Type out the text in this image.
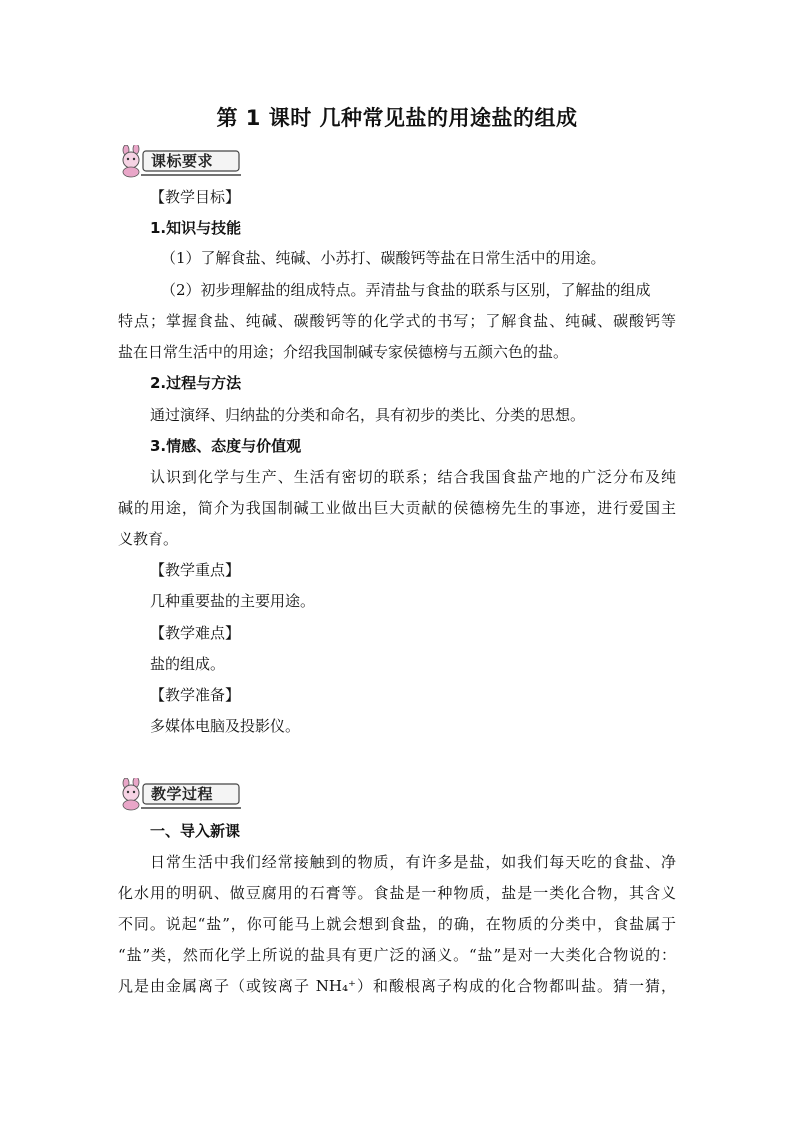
第 1 课时 几种常见盐的用途盐的组成
课标要求
【教学目标】
1.知识与技能
（1）了解食盐、纯碱、小苏打、碳酸钙等盐在日常生活中的用途。
（2）初步理解盐的组成特点。弄清盐与食盐的联系与区别，了解盐的组成
特点；掌握食盐、纯碱、碳酸钙等的化学式的书写；了解食盐、纯碱、碳酸钙等
盐在日常生活中的用途；介绍我国制碱专家侯德榜与五颜六色的盐。
2.过程与方法
通过演绎、归纳盐的分类和命名，具有初步的类比、分类的思想。
3.情感、态度与价值观
认识到化学与生产、生活有密切的联系；结合我国食盐产地的广泛分布及纯
碱的用途，简介为我国制碱工业做出巨大贡献的侯德榜先生的事迹，进行爱国主
义教育。
【教学重点】
几种重要盐的主要用途。
【教学难点】
盐的组成。
【教学准备】
多媒体电脑及投影仪。
教学过程
一、导入新课
日常生活中我们经常接触到的物质，有许多是盐，如我们每天吃的食盐、净
化水用的明矾、做豆腐用的石膏等。食盐是一种物质，盐是一类化合物，其含义
不同。说起“盐”，你可能马上就会想到食盐，的确，在物质的分类中，食盐属于
“盐”类，然而化学上所说的盐具有更广泛的涵义。“盐”是对一大类化合物说的：
凡是由金属离子（或铵离子 NH₄⁺）和酸根离子构成的化合物都叫盐。猜一猜，
